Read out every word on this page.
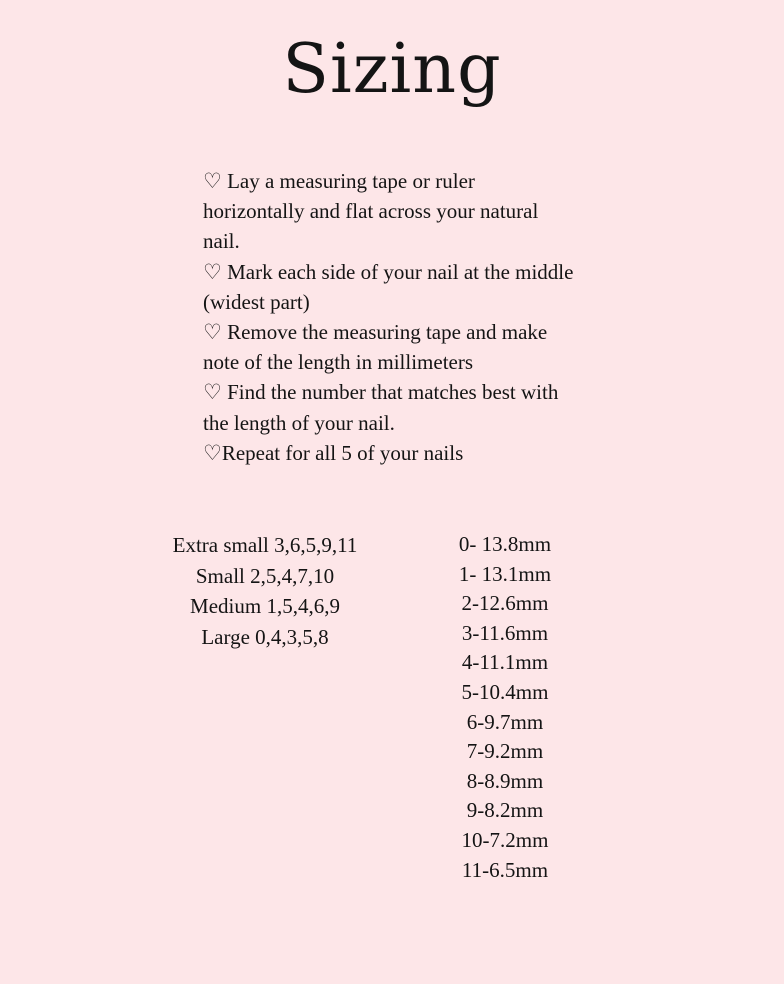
Sizing

♡ Lay a measuring tape or ruler horizontally and flat across your natural nail.

♡ Mark each side of your nail at the middle (widest part)

♡ Remove the measuring tape and make note of the length in millimeters

♡ Find the number that matches best with the length of your nail.

♡Repeat for all 5 of your nails

Extra small 3,6,5,9,11

Small 2,5,4,7,10

Medium 1,5,4,6,9

Large 0,4,3,5,8

0- 13.8mm

1- 13.1mm

2-12.6mm

3-11.6mm

4-11.1mm

5-10.4mm

6-9.7mm

7-9.2mm

8-8.9mm

9-8.2mm

10-7.2mm

11-6.5mm
